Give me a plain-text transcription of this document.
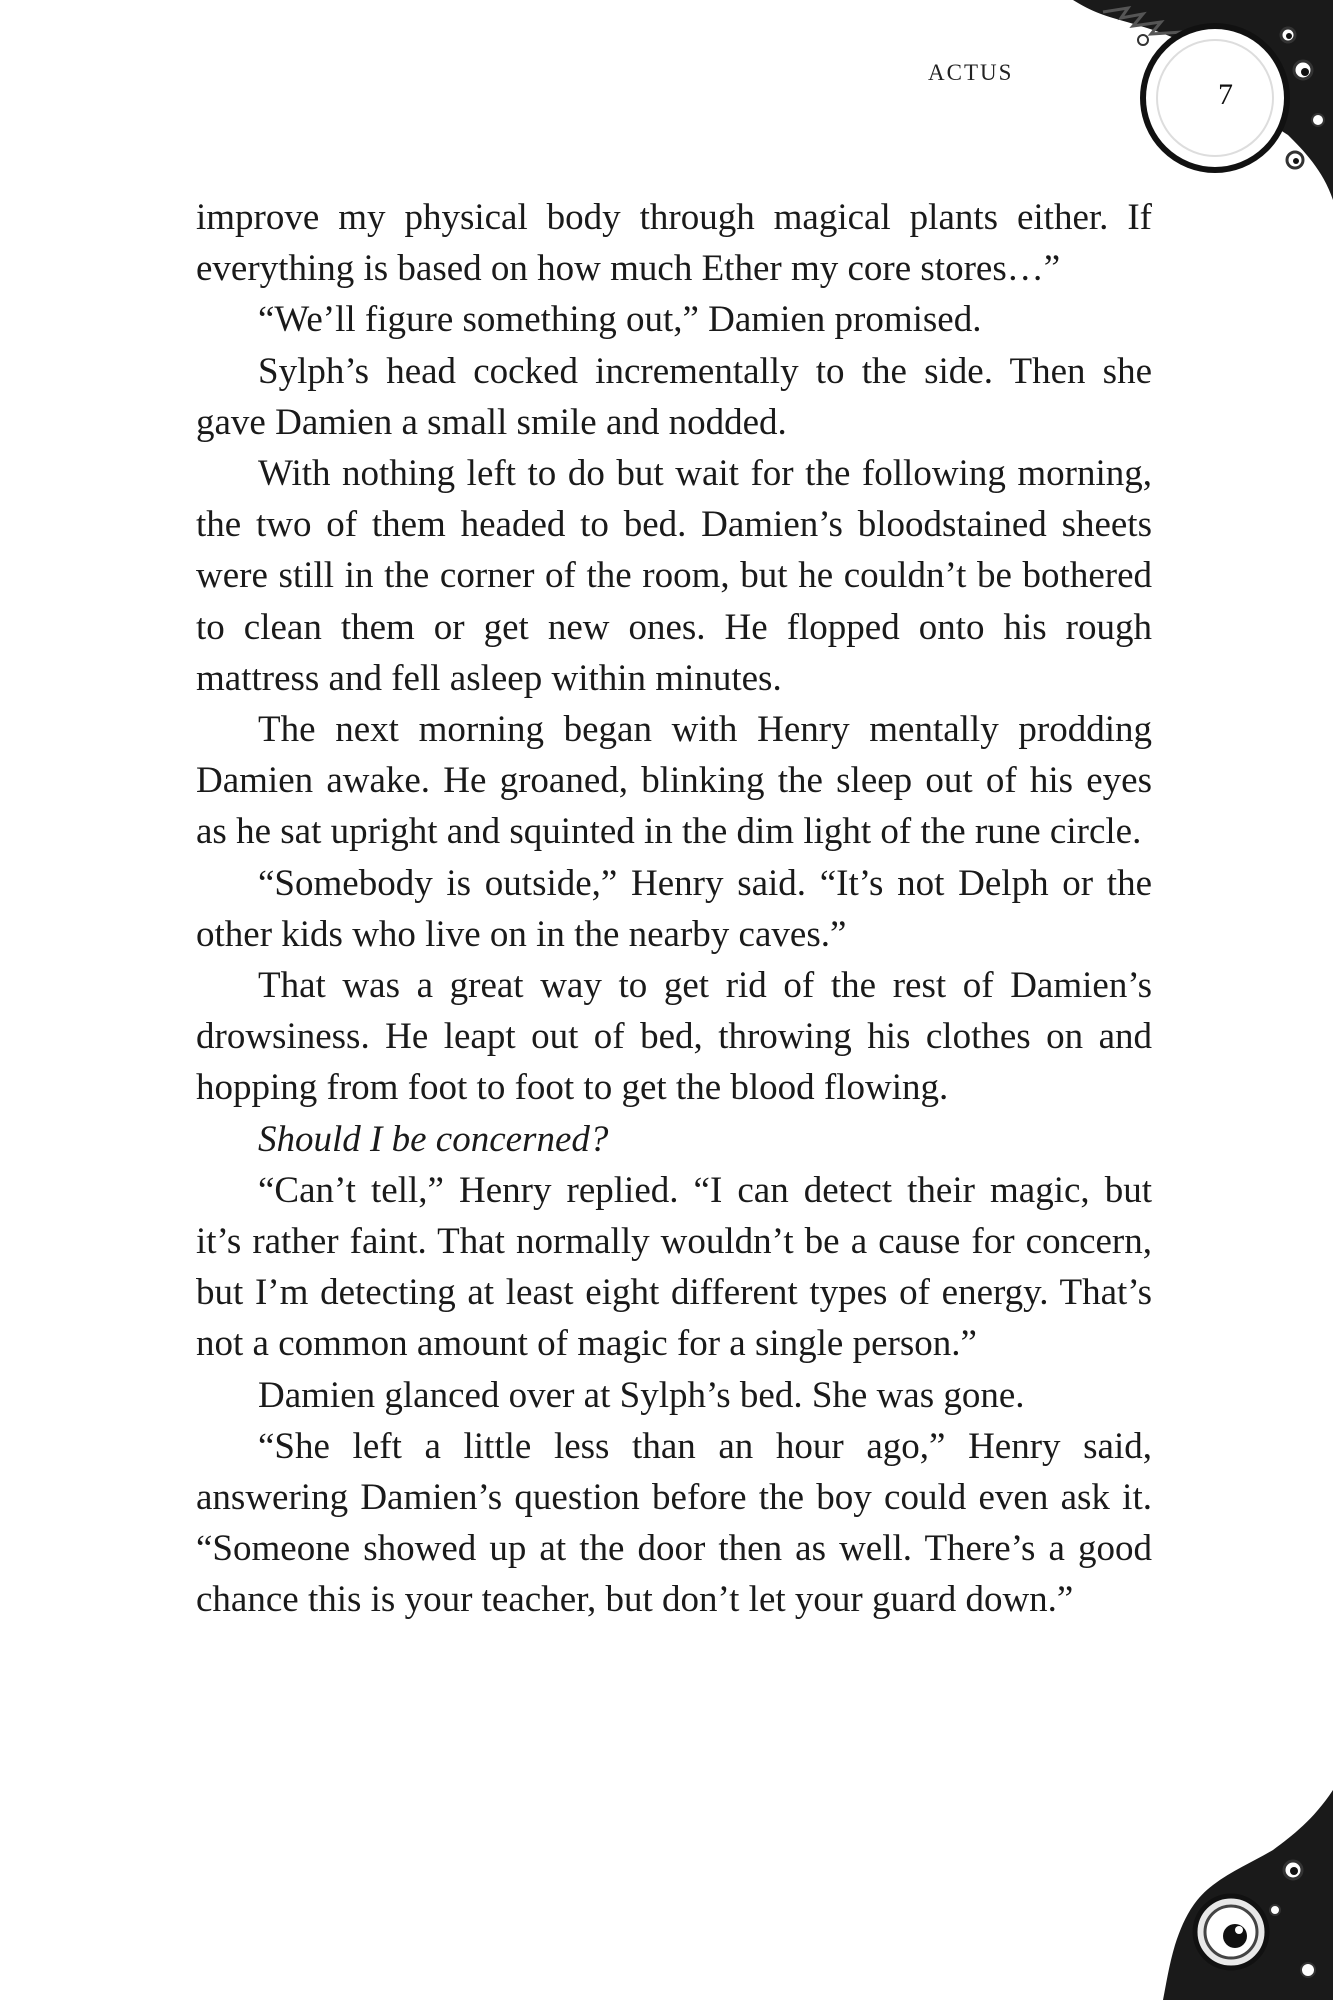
ACTUS
7

improve my physical body through magical plants either. If everything is based on how much Ether my core stores…”

“We’ll figure something out,” Damien promised.

Sylph’s head cocked incrementally to the side. Then she gave Damien a small smile and nodded.

With nothing left to do but wait for the following morning, the two of them headed to bed. Damien’s bloodstained sheets were still in the corner of the room, but he couldn’t be bothered to clean them or get new ones. He flopped onto his rough mattress and fell asleep within minutes.

The next morning began with Henry mentally prodding Damien awake. He groaned, blinking the sleep out of his eyes as he sat upright and squinted in the dim light of the rune circle.

“Somebody is outside,” Henry said. “It’s not Delph or the other kids who live on in the nearby caves.”

That was a great way to get rid of the rest of Damien’s drowsiness. He leapt out of bed, throwing his clothes on and hopping from foot to foot to get the blood flowing.

Should I be concerned?

“Can’t tell,” Henry replied. “I can detect their magic, but it’s rather faint. That normally wouldn’t be a cause for concern, but I’m detecting at least eight different types of energy. That’s not a common amount of magic for a single person.”

Damien glanced over at Sylph’s bed. She was gone.

“She left a little less than an hour ago,” Henry said, answering Damien’s question before the boy could even ask it. “Someone showed up at the door then as well. There’s a good chance this is your teacher, but don’t let your guard down.”
